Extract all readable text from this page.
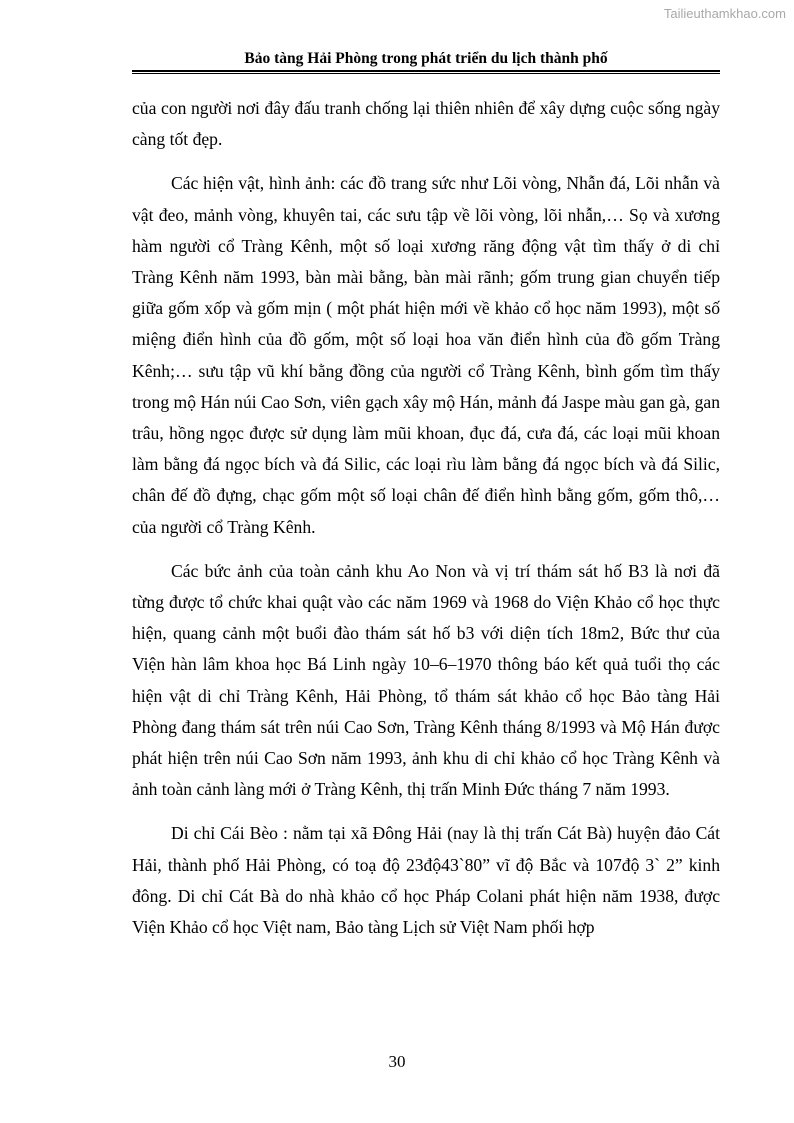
Tailieuthamkhao.com
Bảo tàng Hải Phòng trong phát triển du lịch thành phố

của con người nơi đây đấu tranh chống lại thiên nhiên để xây dựng cuộc sống ngày càng tốt đẹp.

Các hiện vật, hình ảnh: các đồ trang sức như Lõi vòng, Nhẫn đá, Lõi nhẫn và vật đeo, mảnh vòng, khuyên tai, các sưu tập về lõi vòng, lõi nhẫn,… Sọ và xương hàm người cổ Tràng Kênh, một số loại xương răng động vật tìm thấy ở di chỉ Tràng Kênh năm 1993, bàn mài bằng, bàn mài rãnh; gốm trung gian chuyển tiếp giữa gốm xốp và gốm mịn ( một phát hiện mới về khảo cổ học năm 1993), một số miệng điển hình của đồ gốm, một số loại hoa văn điển hình của đồ gốm Tràng Kênh;… sưu tập vũ khí bằng đồng của người cổ Tràng Kênh, bình gốm tìm thấy trong mộ Hán núi Cao Sơn, viên gạch xây mộ Hán, mảnh đá Jaspe màu gan gà, gan trâu, hồng ngọc được sử dụng làm mũi khoan, đục đá, cưa đá, các loại mũi khoan làm bằng đá ngọc bích và đá Silic, các loại rìu làm bằng đá ngọc bích và đá Silic, chân đế đồ đựng, chạc gốm một số loại chân đế điển hình bằng gốm, gốm thô,… của người cổ Tràng Kênh.

Các bức ảnh của toàn cảnh khu Ao Non và vị trí thám sát hố B3 là nơi đã từng được tổ chức khai quật vào các năm 1969 và 1968 do Viện Khảo cổ học thực hiện, quang cảnh một buổi đào thám sát hố b3 với diện tích 18m2, Bức thư của Viện hàn lâm khoa học Bá Linh ngày 10–6–1970 thông báo kết quả tuổi thọ các hiện vật di chỉ Tràng Kênh, Hải Phòng, tổ thám sát khảo cổ học Bảo tàng Hải Phòng đang thám sát trên núi Cao Sơn, Tràng Kênh tháng 8/1993 và Mộ Hán được phát hiện trên núi Cao Sơn năm 1993, ảnh khu di chỉ khảo cổ học Tràng Kênh và ảnh toàn cảnh làng mới ở Tràng Kênh, thị trấn Minh Đức tháng 7 năm 1993.

Di chỉ Cái Bèo : nằm tại xã Đông Hải (nay là thị trấn Cát Bà) huyện đảo Cát Hải, thành phố Hải Phòng, có toạ độ 23độ43`80” vĩ độ Bắc và 107độ 3` 2” kinh đông. Di chỉ Cát Bà do nhà khảo cổ học Pháp Colani phát hiện năm 1938, được Viện Khảo cổ học Việt nam, Bảo tàng Lịch sử Việt Nam phối hợp

30
